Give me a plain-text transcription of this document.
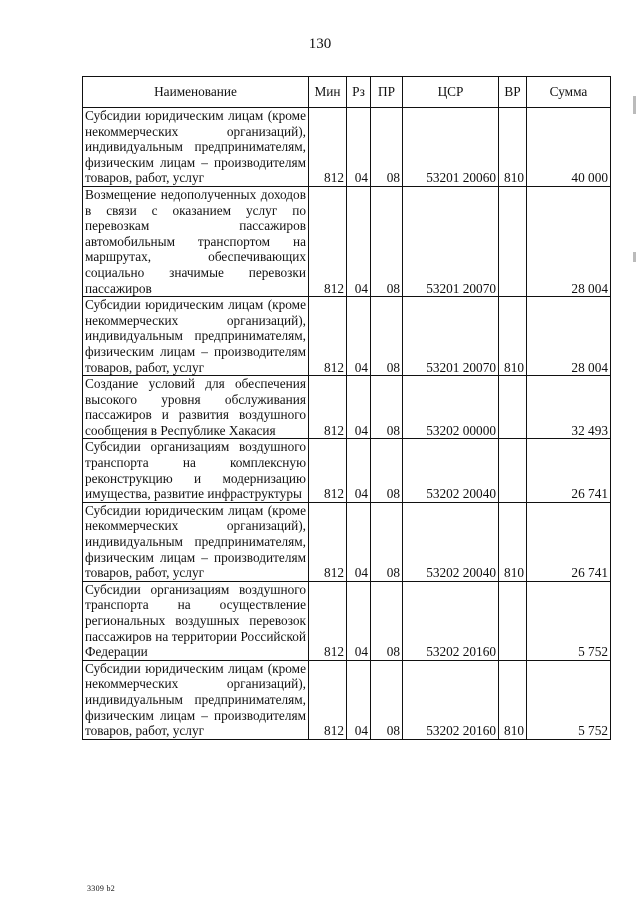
130
Наименование	Мин	Рз	ПР	ЦСР	ВР	Сумма
Субсидии юридическим лицам (кроме некоммерческих организаций), индивидуальным предпринимателям, физическим лицам – производителям товаров, работ, услуг	812	04	08	53201 20060	810	40 000
Возмещение недополученных доходов в связи с оказанием услуг по перевозкам пассажиров автомобильным транспортом на маршрутах, обеспечивающих социально значимые перевозки пассажиров	812	04	08	53201 20070		28 004
Субсидии юридическим лицам (кроме некоммерческих организаций), индивидуальным предпринимателям, физическим лицам – производителям товаров, работ, услуг	812	04	08	53201 20070	810	28 004
Создание условий для обеспечения высокого уровня обслуживания пассажиров и развития воздушного сообщения в Республике Хакасия	812	04	08	53202 00000		32 493
Субсидии организациям воздушного транспорта на комплексную реконструкцию и модернизацию имущества, развитие инфраструктуры	812	04	08	53202 20040		26 741
Субсидии юридическим лицам (кроме некоммерческих организаций), индивидуальным предпринимателям, физическим лицам – производителям товаров, работ, услуг	812	04	08	53202 20040	810	26 741
Субсидии организациям воздушного транспорта на осуществление региональных воздушных перевозок пассажиров на территории Российской Федерации	812	04	08	53202 20160		5 752
Субсидии юридическим лицам (кроме некоммерческих организаций), индивидуальным предпринимателям, физическим лицам – производителям товаров, работ, услуг	812	04	08	53202 20160	810	5 752
3309 b2
